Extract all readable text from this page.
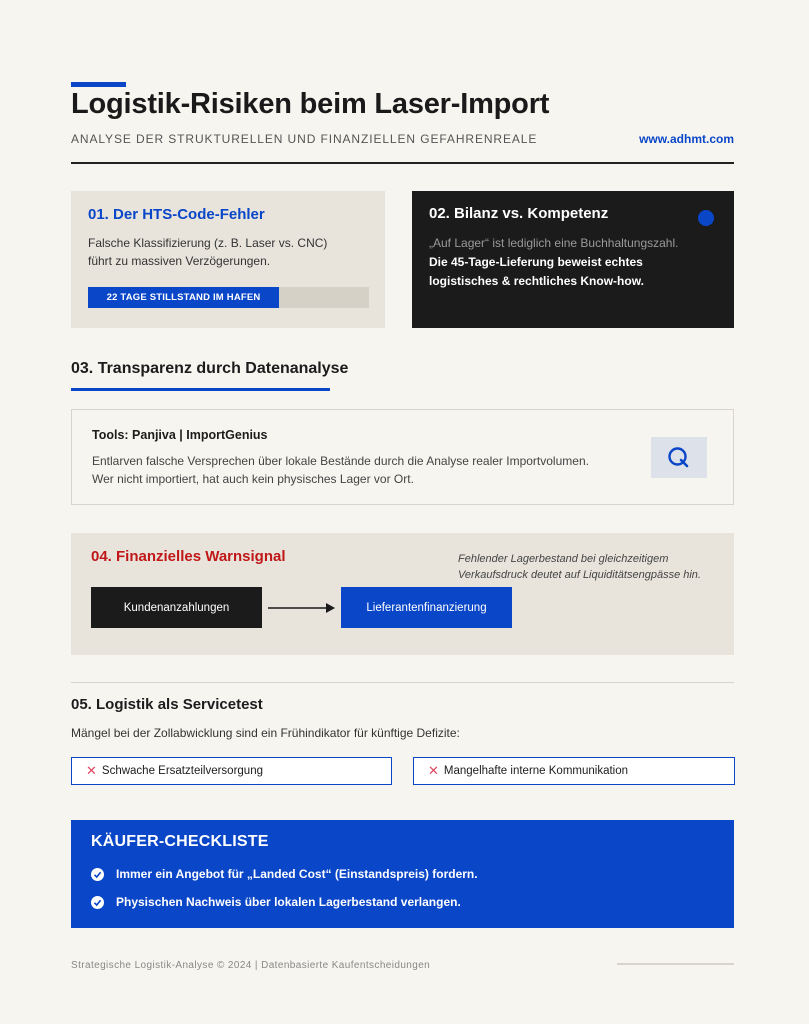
Logistik-Risiken beim Laser-Import
ANALYSE DER STRUKTURELLEN UND FINANZIELLEN GEFAHRENREALE	www.adhmt.com
01. Der HTS-Code-Fehler

Falsche Klassifizierung (z. B. Laser vs. CNC)
führt zu massiven Verzögerungen.

22 TAGE STILLSTAND IM HAFEN
02. Bilanz vs. Kompetenz
„Auf Lager“ ist lediglich eine Buchhaltungszahl.
Die 45-Tage-Lieferung beweist echtes
logistisches & rechtliches Know-how.
03. Transparenz durch Datenanalyse
Tools: Panjiva | ImportGenius

Entlarven falsche Versprechen über lokale Bestände durch die Analyse realer Importvolumen.
Wer nicht importiert, hat auch kein physisches Lager vor Ort.

04. Finanzielles Warnsignal	Fehlender Lagerbestand bei gleichzeitigem
Verkaufsdruck deutet auf Liquiditätsengpässe hin.
Kundenanzahlungen	Lieferantenfinanzierung
05. Logistik als Servicetest
Mängel bei der Zollabwicklung sind ein Frühindikator für künftige Defizite:
✕ Schwache Ersatzteilversorgung	✕ Mangelhafte interne Kommunikation
KÄUFER-CHECKLISTE
Immer ein Angebot für „Landed Cost“ (Einstandspreis) fordern.
Physischen Nachweis über lokalen Lagerbestand verlangen.
Strategische Logistik-Analyse © 2024 | Datenbasierte Kaufentscheidungen
